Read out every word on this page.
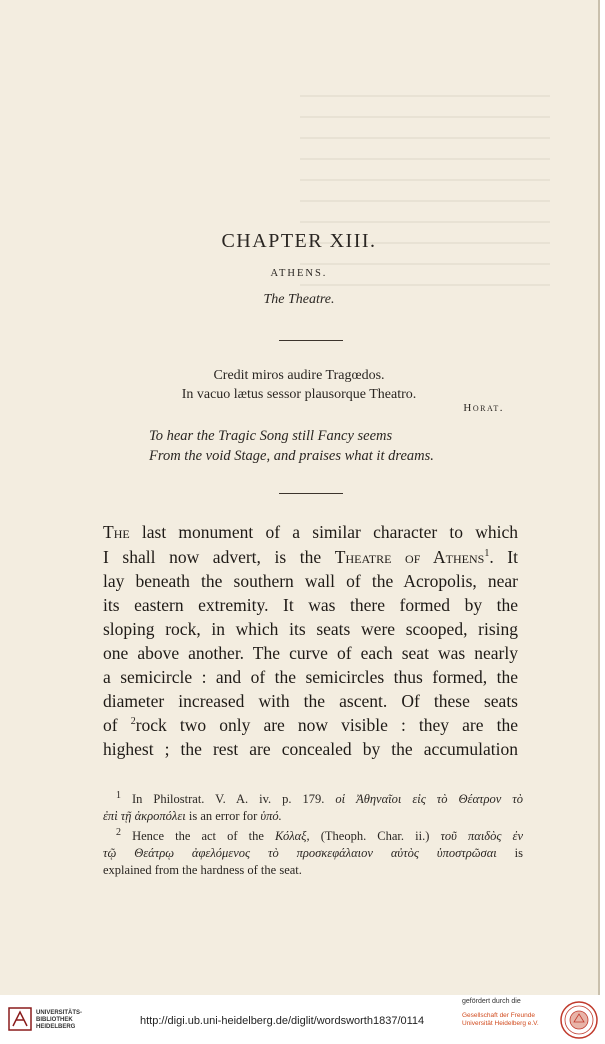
CHAPTER XIII.
ATHENS.
The Theatre.
Credit miros audire Tragœdos.
In vacuo lætus sessor plausorque Theatro.
Horat.
To hear the Tragic Song still Fancy seems
From the void Stage, and praises what it dreams.
The last monument of a similar character to which
I shall now advert, is the Theatre of Athens$^1$. It
lay beneath the southern wall of the Acropolis, near
its eastern extremity. It was there formed by the
sloping rock, in which its seats were scooped, rising
one above another. The curve of each seat was nearly
a semicircle : and of the semicircles thus formed, the
diameter increased with the ascent. Of these seats
of $^2$rock two only are now visible : they are the
highest ; the rest are concealed by the accumulation
$^1$ In Philostrat. V. A. iv. p. 179. οἱ Ἀθηναῖοι εἰς τὸ Θέατρον τὸ
ἐπὶ τῇ ἀκροπόλει is an error for ὑπό.
$^2$ Hence the act of the Κόλαξ, (Theoph. Char. ii.) τοῦ παιδὸς ἐν
τῷ Θεάτρῳ ἀφελόμενος τὸ προσκεφάλαιον αὐτὸς ὑποστρῶσαι is
explained from the hardness of the seat.
UNIVERSITÄTS-
BIBLIOTHEK
HEIDELBERG	http://digi.ub.uni-heidelberg.de/diglit/wordsworth1837/0114
gefördert durch die
Gesellschaft der Freunde
Universität Heidelberg e.V.
